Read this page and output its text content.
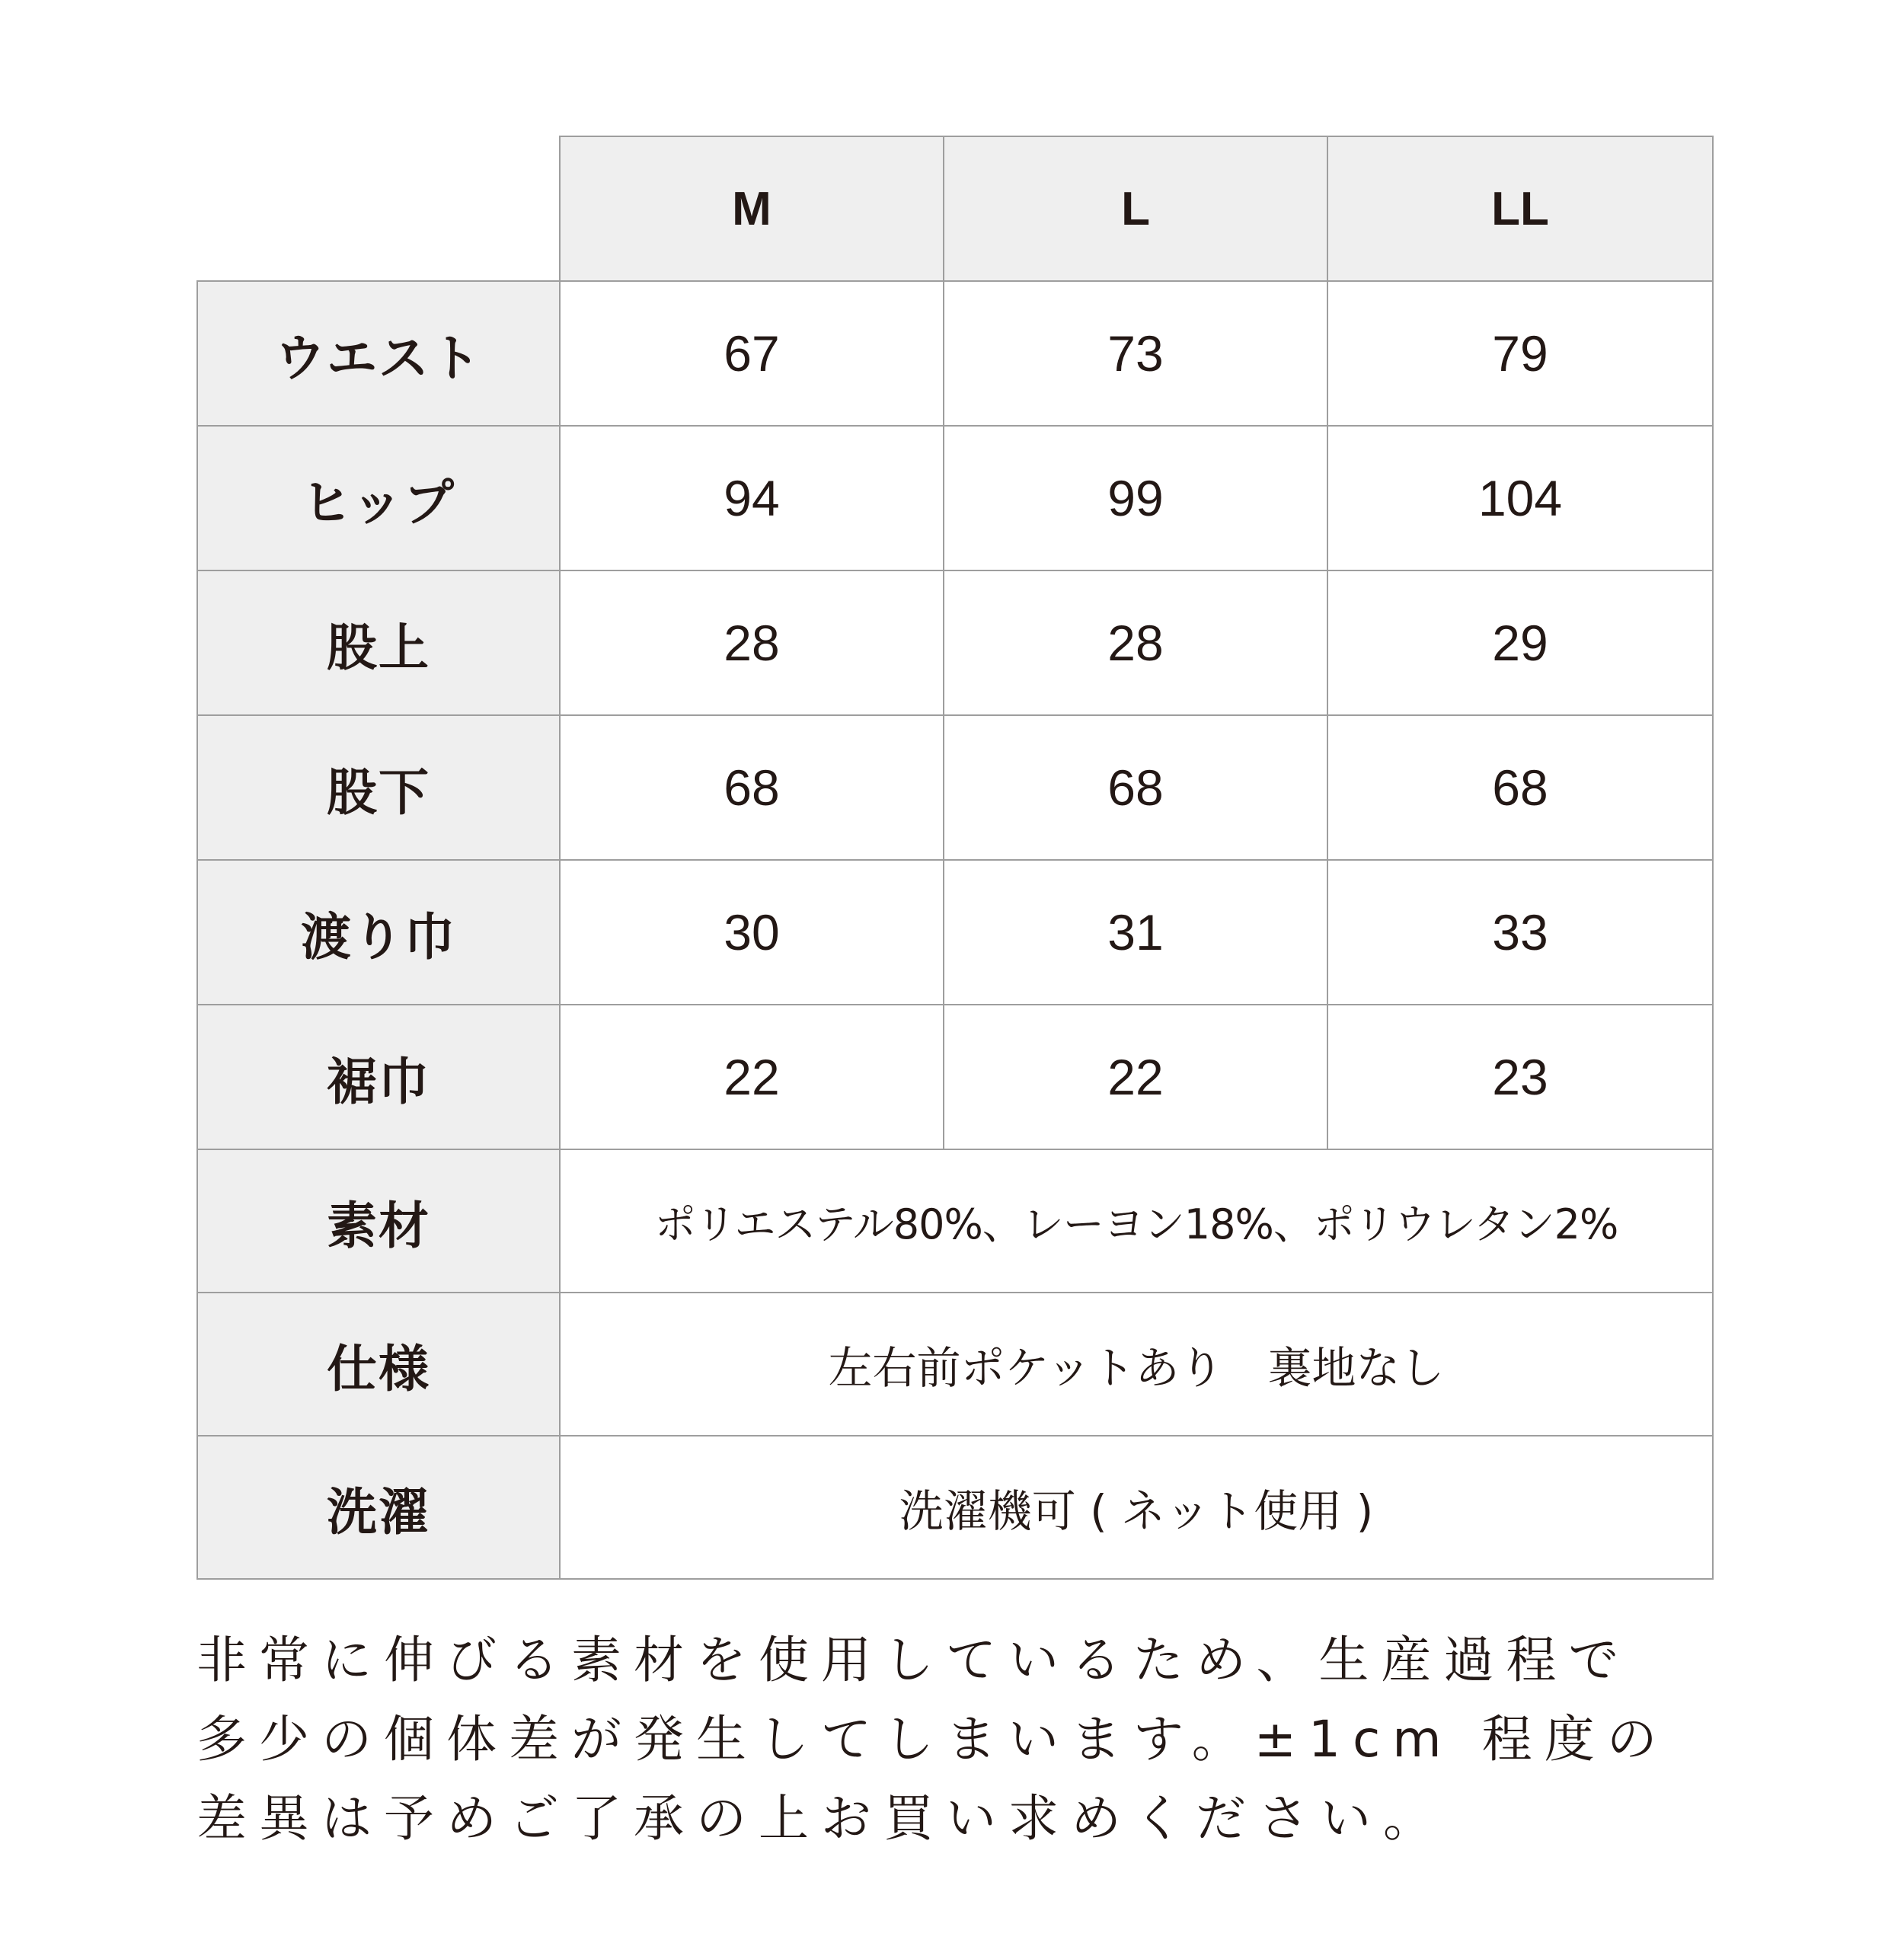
	M	L	LL
ウエスト	67	73	79
ヒップ	94	99	104
股上	28	28	29
股下	68	68	68
渡り巾	30	31	33
裾巾	22	22	23
素材	ポリエステル80%、レーヨン18%、ポリウレタン2%		
仕様	左右前ポケットあり　裏地なし		
洗濯	洗濯機可 ( ネット使用 )		

非常に伸びる素材を使用しているため、生産過程で
多少の個体差が発生してしまいます。±1cm 程度の
差異は予めご了承の上お買い求めください。
